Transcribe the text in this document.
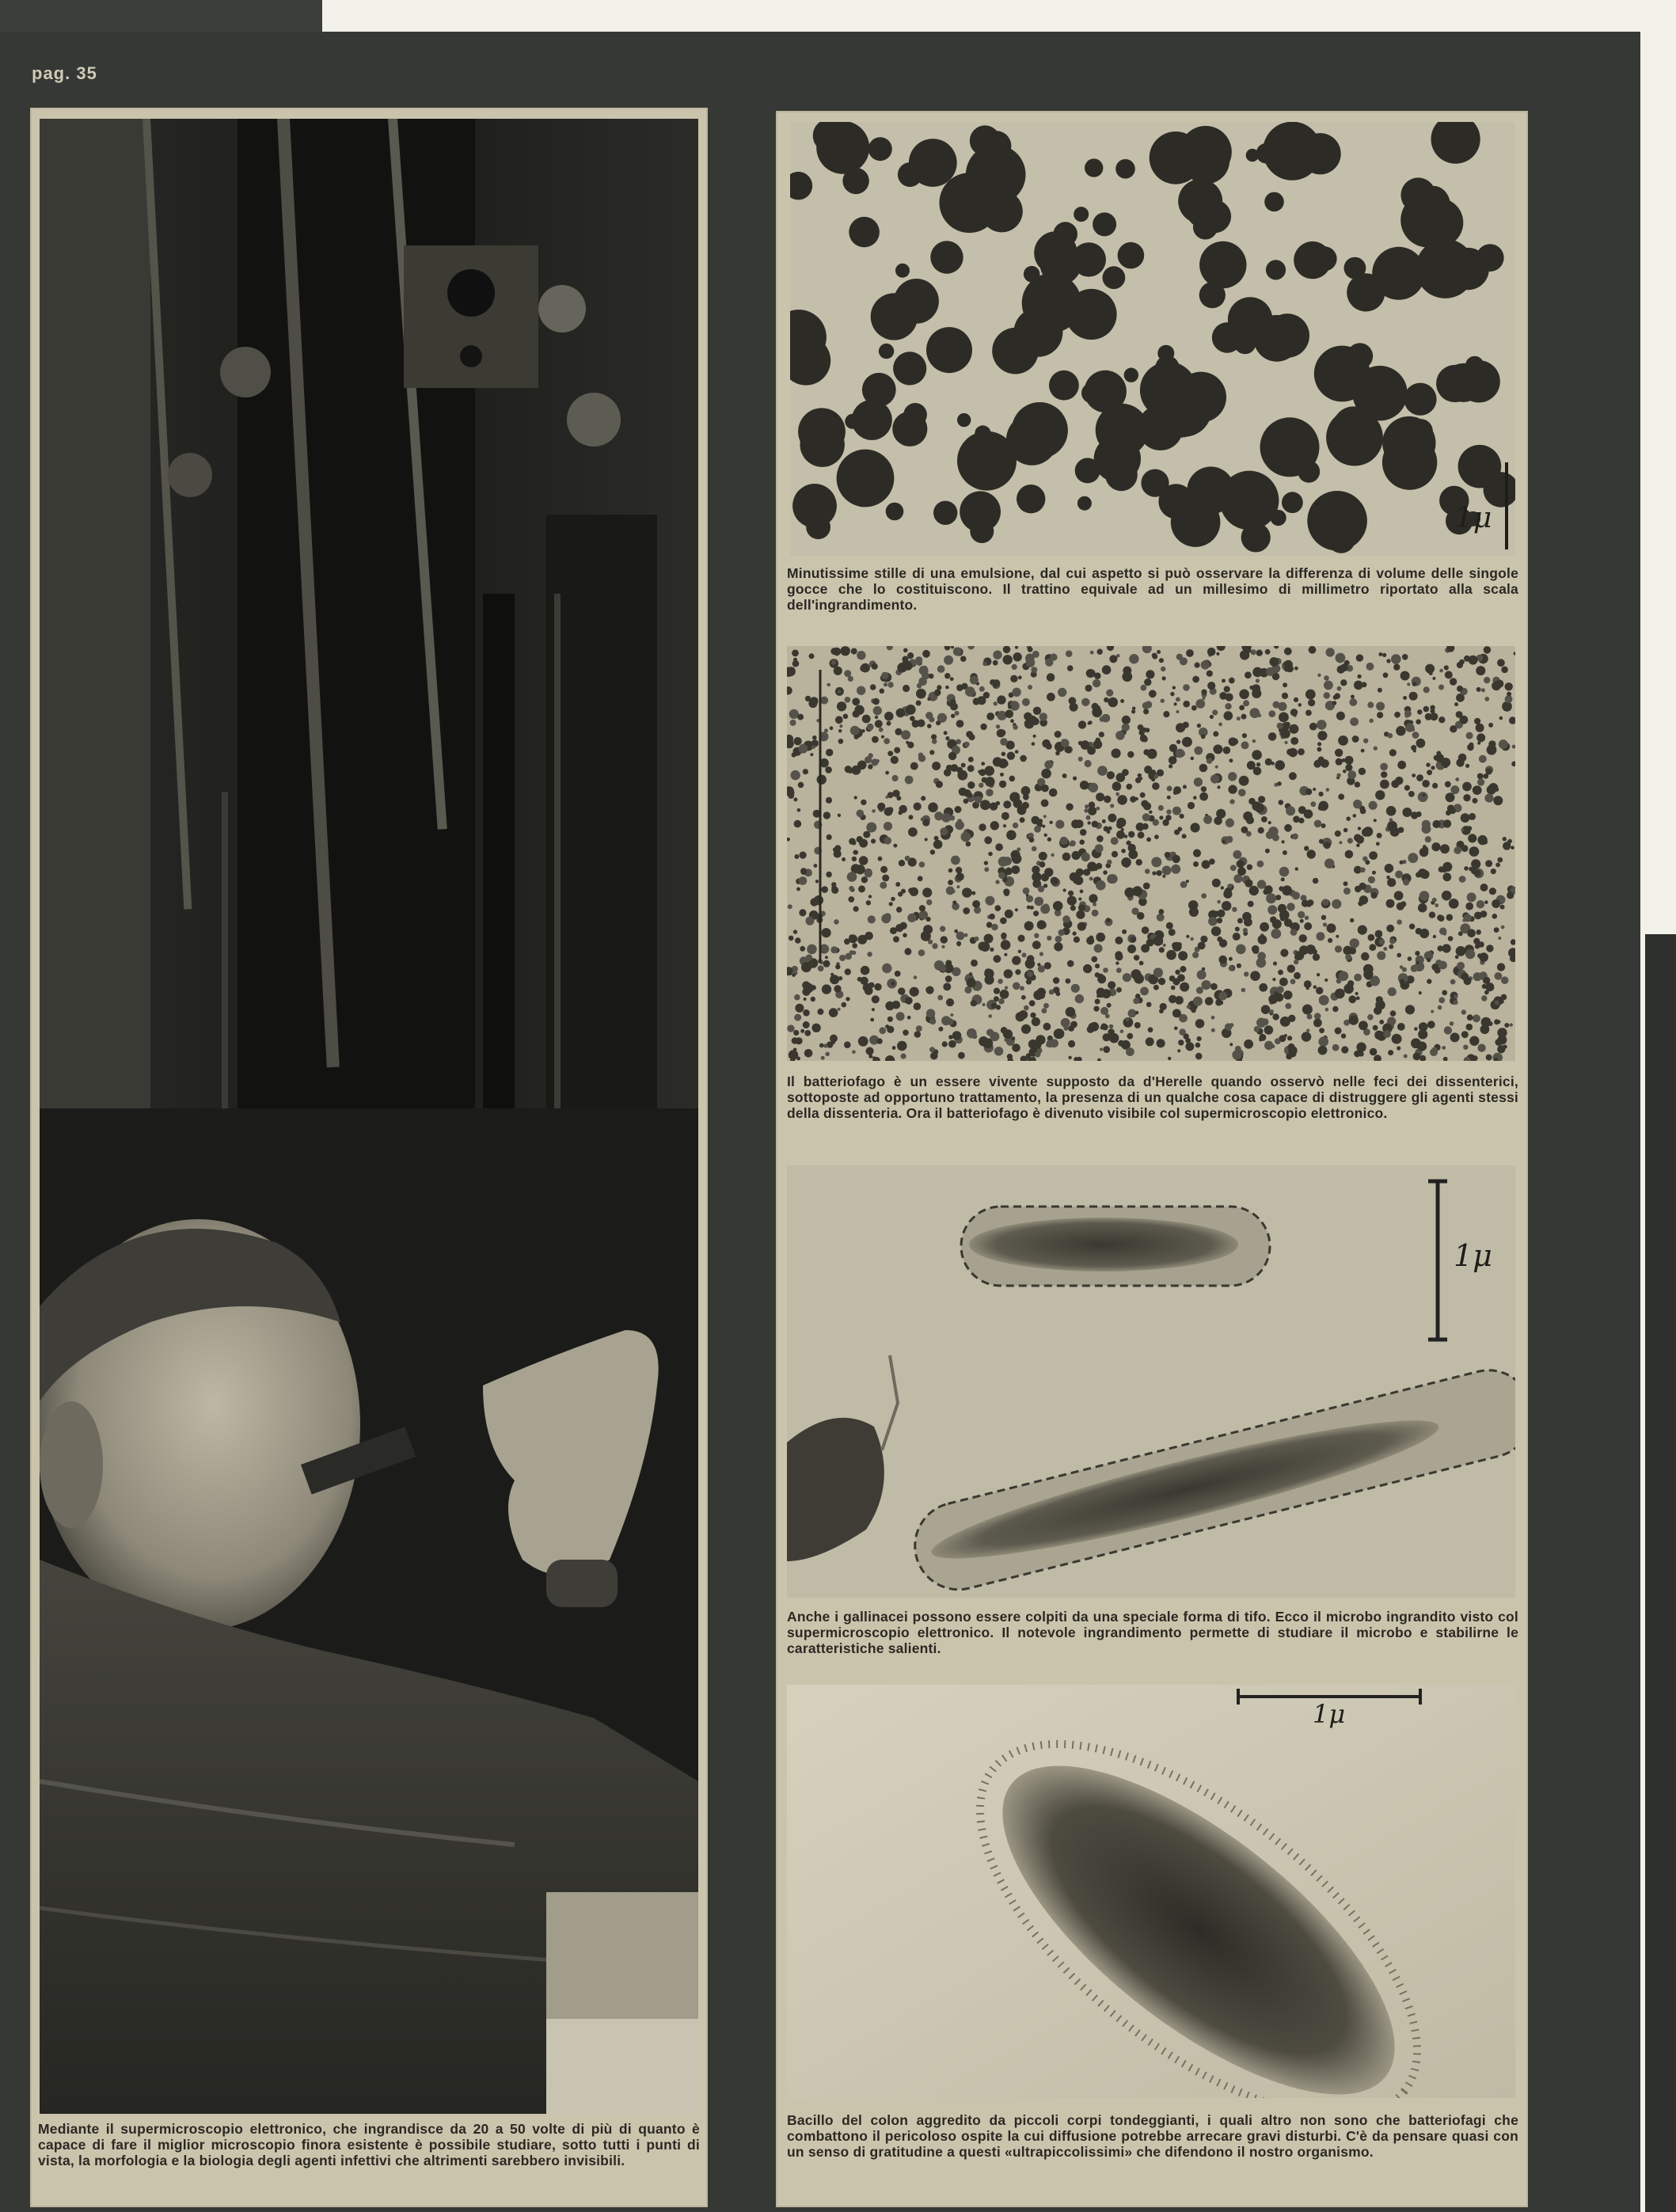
pag. 35

Mediante il supermicroscopio elettronico, che ingrandisce da 20 a 50 volte di più di quanto è capace di fare il miglior microscopio finora esistente è possibile studiare, sotto tutti i punti di vista, la morfologia e la biologia degli agenti infettivi che altrimenti sarebbero invisibili.

1μ

Minutissime stille di una emulsione, dal cui aspetto si può osservare la differenza di volume delle singole gocce che lo costituiscono. Il trattino equivale ad un millesimo di millimetro riportato alla scala dell'ingrandimento.

Il batteriofago è un essere vivente supposto da d'Herelle quando osservò nelle feci dei dissenterici, sottoposte ad opportuno trattamento, la presenza di un qualche cosa capace di distruggere gli agenti stessi della dissenteria. Ora il batteriofago è divenuto visibile col supermicroscopio elettronico.

1μ

Anche i gallinacei possono essere colpiti da una speciale forma di tifo. Ecco il microbo ingrandito visto col supermicroscopio elettronico. Il notevole ingrandimento permette di studiare il microbo e stabilirne le caratteristiche salienti.

1μ

Bacillo del colon aggredito da piccoli corpi tondeggianti, i quali altro non sono che batteriofagi che combattono il pericoloso ospite la cui diffusione potrebbe arrecare gravi disturbi. C'è da pensare quasi con un senso di gratitudine a questi «ultrapiccolissimi» che difendono il nostro organismo.
